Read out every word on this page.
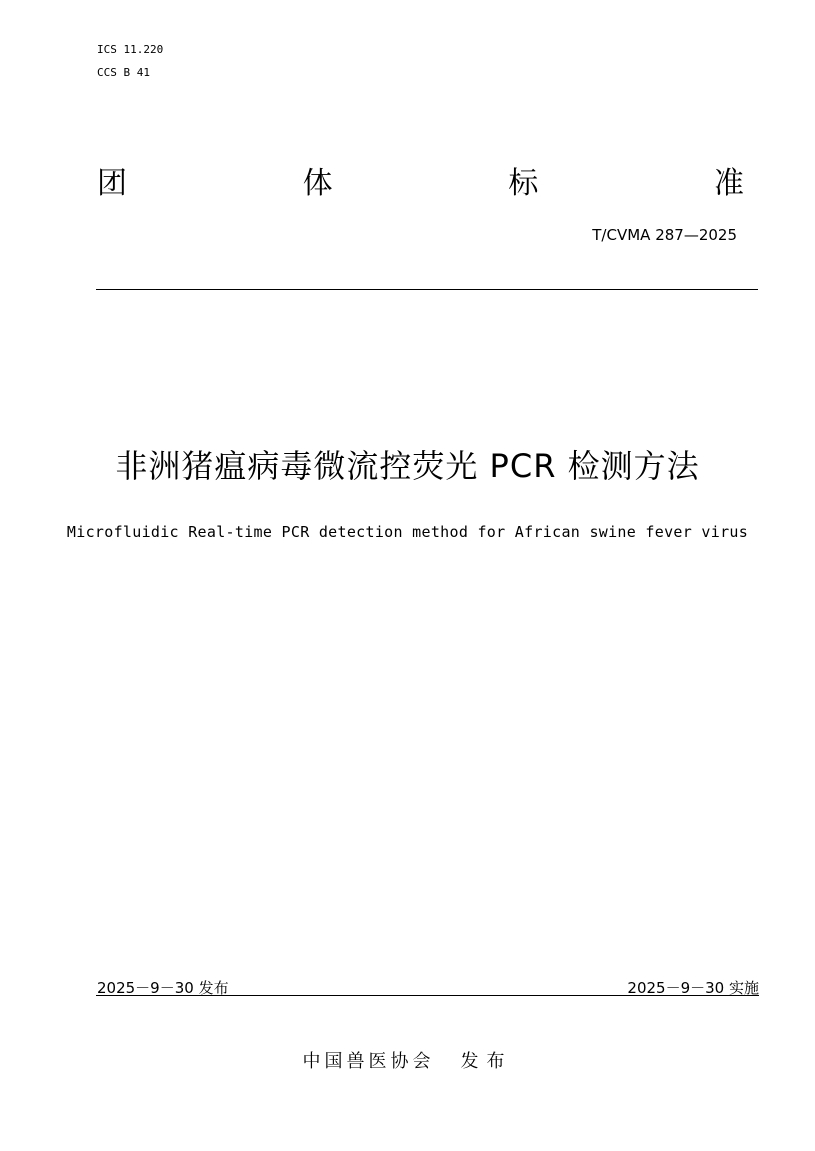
ICS 11.220
CCS B 41
团	体	标	准
T/CVMA 287—2025
非洲猪瘟病毒微流控荧光 PCR 检测方法
Microfluidic Real-time PCR detection method for African swine fever virus
2025－9－30 发布	2025－9－30 实施
中国兽医协会 发布
